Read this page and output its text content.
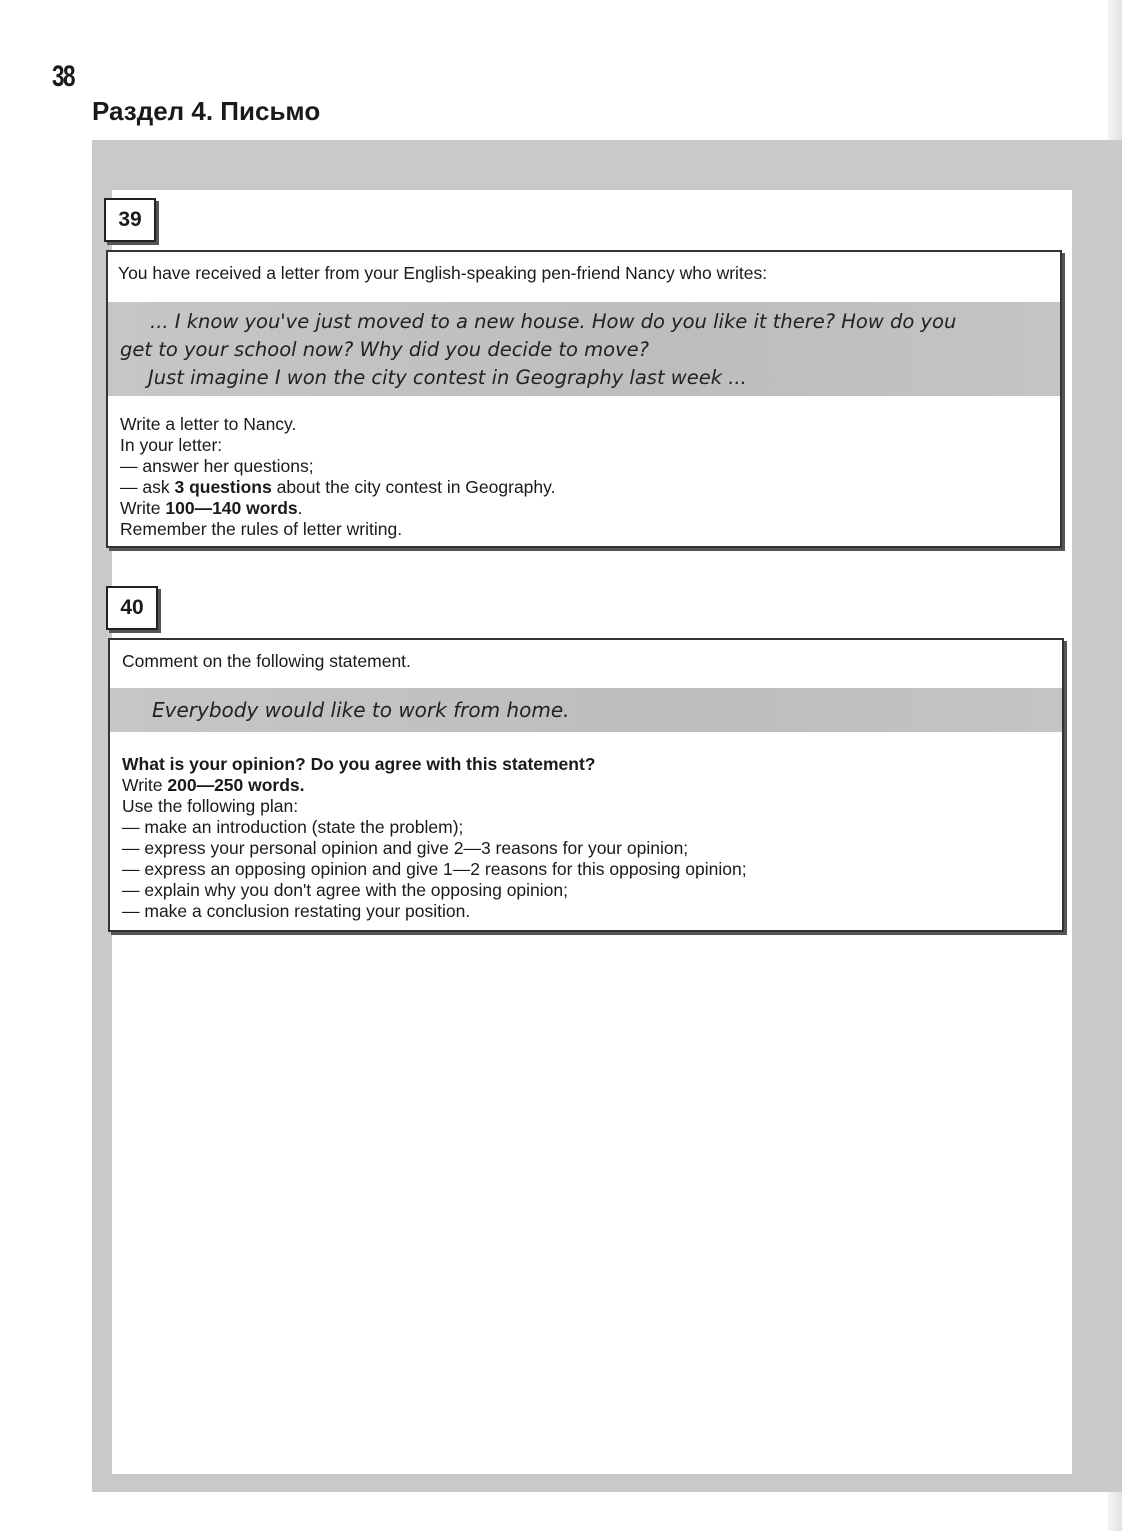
38
Раздел 4. Письмо
39
You have received a letter from your English-speaking pen-friend Nancy who writes:
... I know you've just moved to a new house. How do you like it there? How do you
get to your school now? Why did you decide to move?
Just imagine I won the city contest in Geography last week ...
Write a letter to Nancy.
In your letter:
— answer her questions;
— ask 3 questions about the city contest in Geography.
Write 100—140 words.
Remember the rules of letter writing.
40
Comment on the following statement.
Everybody would like to work from home.
What is your opinion? Do you agree with this statement?
Write 200—250 words.
Use the following plan:
— make an introduction (state the problem);
— express your personal opinion and give 2—3 reasons for your opinion;
— express an opposing opinion and give 1—2 reasons for this opposing opinion;
— explain why you don't agree with the opposing opinion;
— make a conclusion restating your position.
